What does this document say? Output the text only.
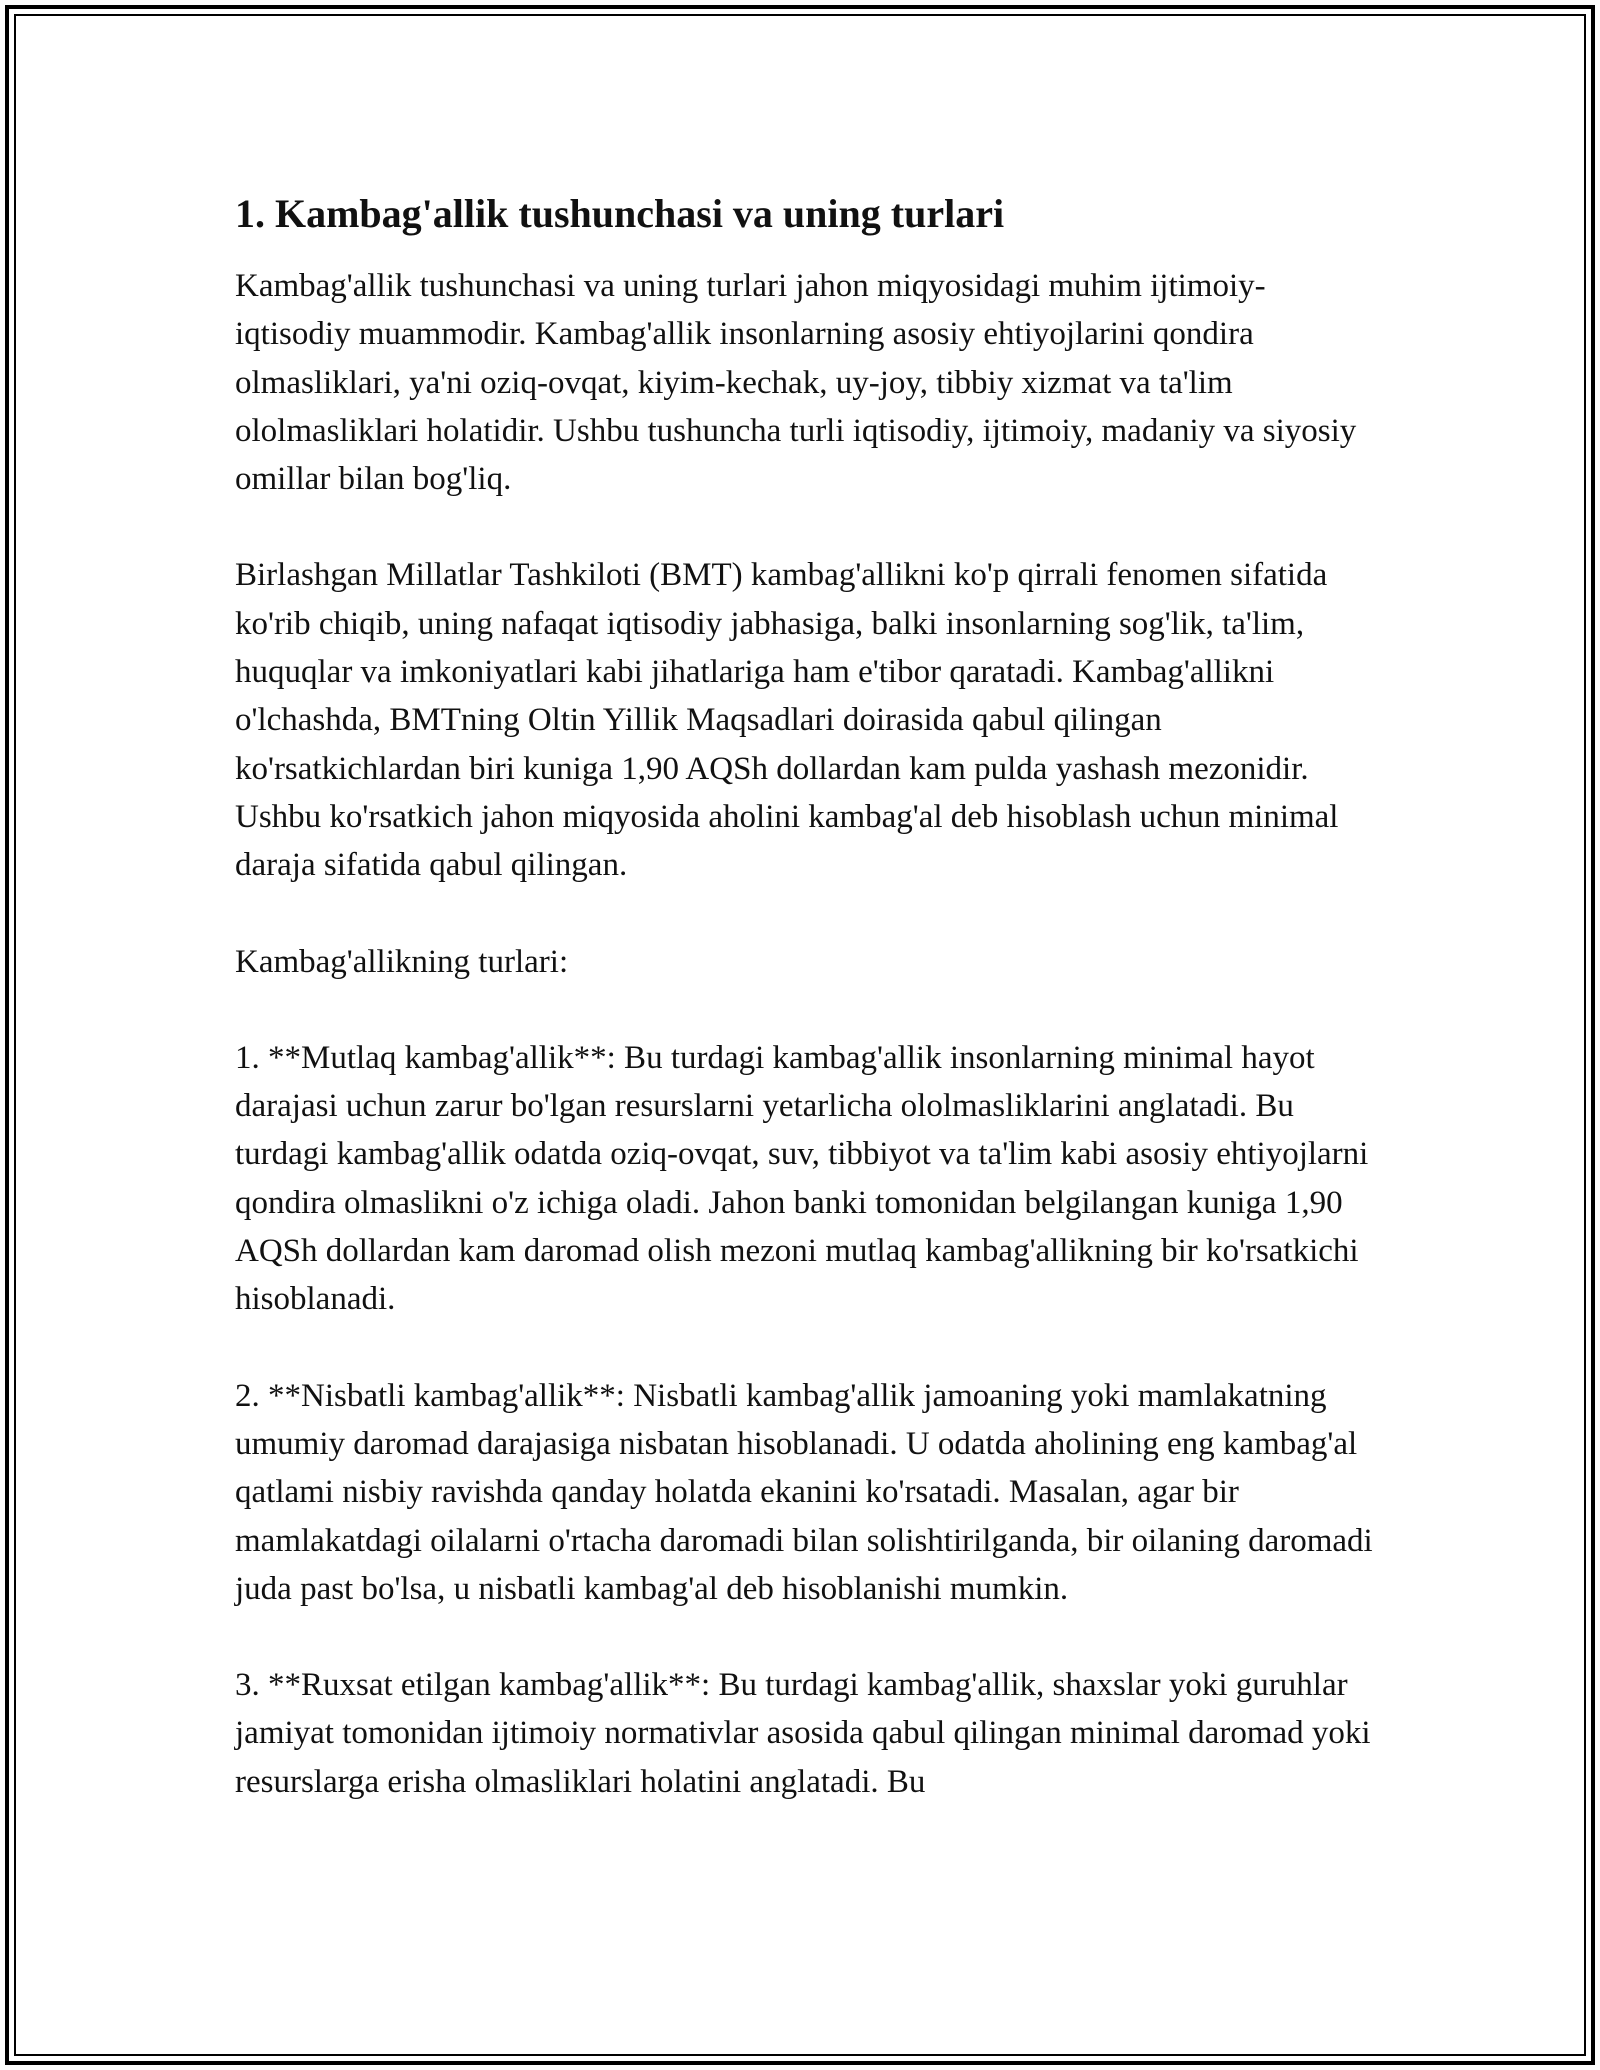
1. Kambag'allik tushunchasi va uning turlari

Kambag'allik tushunchasi va uning turlari jahon miqyosidagi muhim ijtimoiy-iqtisodiy muammodir. Kambag'allik insonlarning asosiy ehtiyojlarini qondira olmasliklari, ya'ni oziq-ovqat, kiyim-kechak, uy-joy, tibbiy xizmat va ta'lim ololmasliklari holatidir. Ushbu tushuncha turli iqtisodiy, ijtimoiy, madaniy va siyosiy omillar bilan bog'liq.

Birlashgan Millatlar Tashkiloti (BMT) kambag'allikni ko'p qirrali fenomen sifatida ko'rib chiqib, uning nafaqat iqtisodiy jabhasiga, balki insonlarning sog'lik, ta'lim, huquqlar va imkoniyatlari kabi jihatlariga ham e'tibor qaratadi. Kambag'allikni o'lchashda, BMTning Oltin Yillik Maqsadlari doirasida qabul qilingan ko'rsatkichlardan biri kuniga 1,90 AQSh dollardan kam pulda yashash mezonidir. Ushbu ko'rsatkich jahon miqyosida aholini kambag'al deb hisoblash uchun minimal daraja sifatida qabul qilingan.

Kambag'allikning turlari:

1. **Mutlaq kambag'allik**: Bu turdagi kambag'allik insonlarning minimal hayot darajasi uchun zarur bo'lgan resurslarni yetarlicha ololmasliklarini anglatadi. Bu turdagi kambag'allik odatda oziq-ovqat, suv, tibbiyot va ta'lim kabi asosiy ehtiyojlarni qondira olmaslikni o'z ichiga oladi. Jahon banki tomonidan belgilangan kuniga 1,90 AQSh dollardan kam daromad olish mezoni mutlaq kambag'allikning bir ko'rsatkichi hisoblanadi.

2. **Nisbatli kambag'allik**: Nisbatli kambag'allik jamoaning yoki mamlakatning umumiy daromad darajasiga nisbatan hisoblanadi. U odatda aholining eng kambag'al qatlami nisbiy ravishda qanday holatda ekanini ko'rsatadi. Masalan, agar bir mamlakatdagi oilalarni o'rtacha daromadi bilan solishtirilganda, bir oilaning daromadi juda past bo'lsa, u nisbatli kambag'al deb hisoblanishi mumkin.

3. **Ruxsat etilgan kambag'allik**: Bu turdagi kambag'allik, shaxslar yoki guruhlar jamiyat tomonidan ijtimoiy normativlar asosida qabul qilingan minimal daromad yoki resurslarga erisha olmasliklari holatini anglatadi. Bu
